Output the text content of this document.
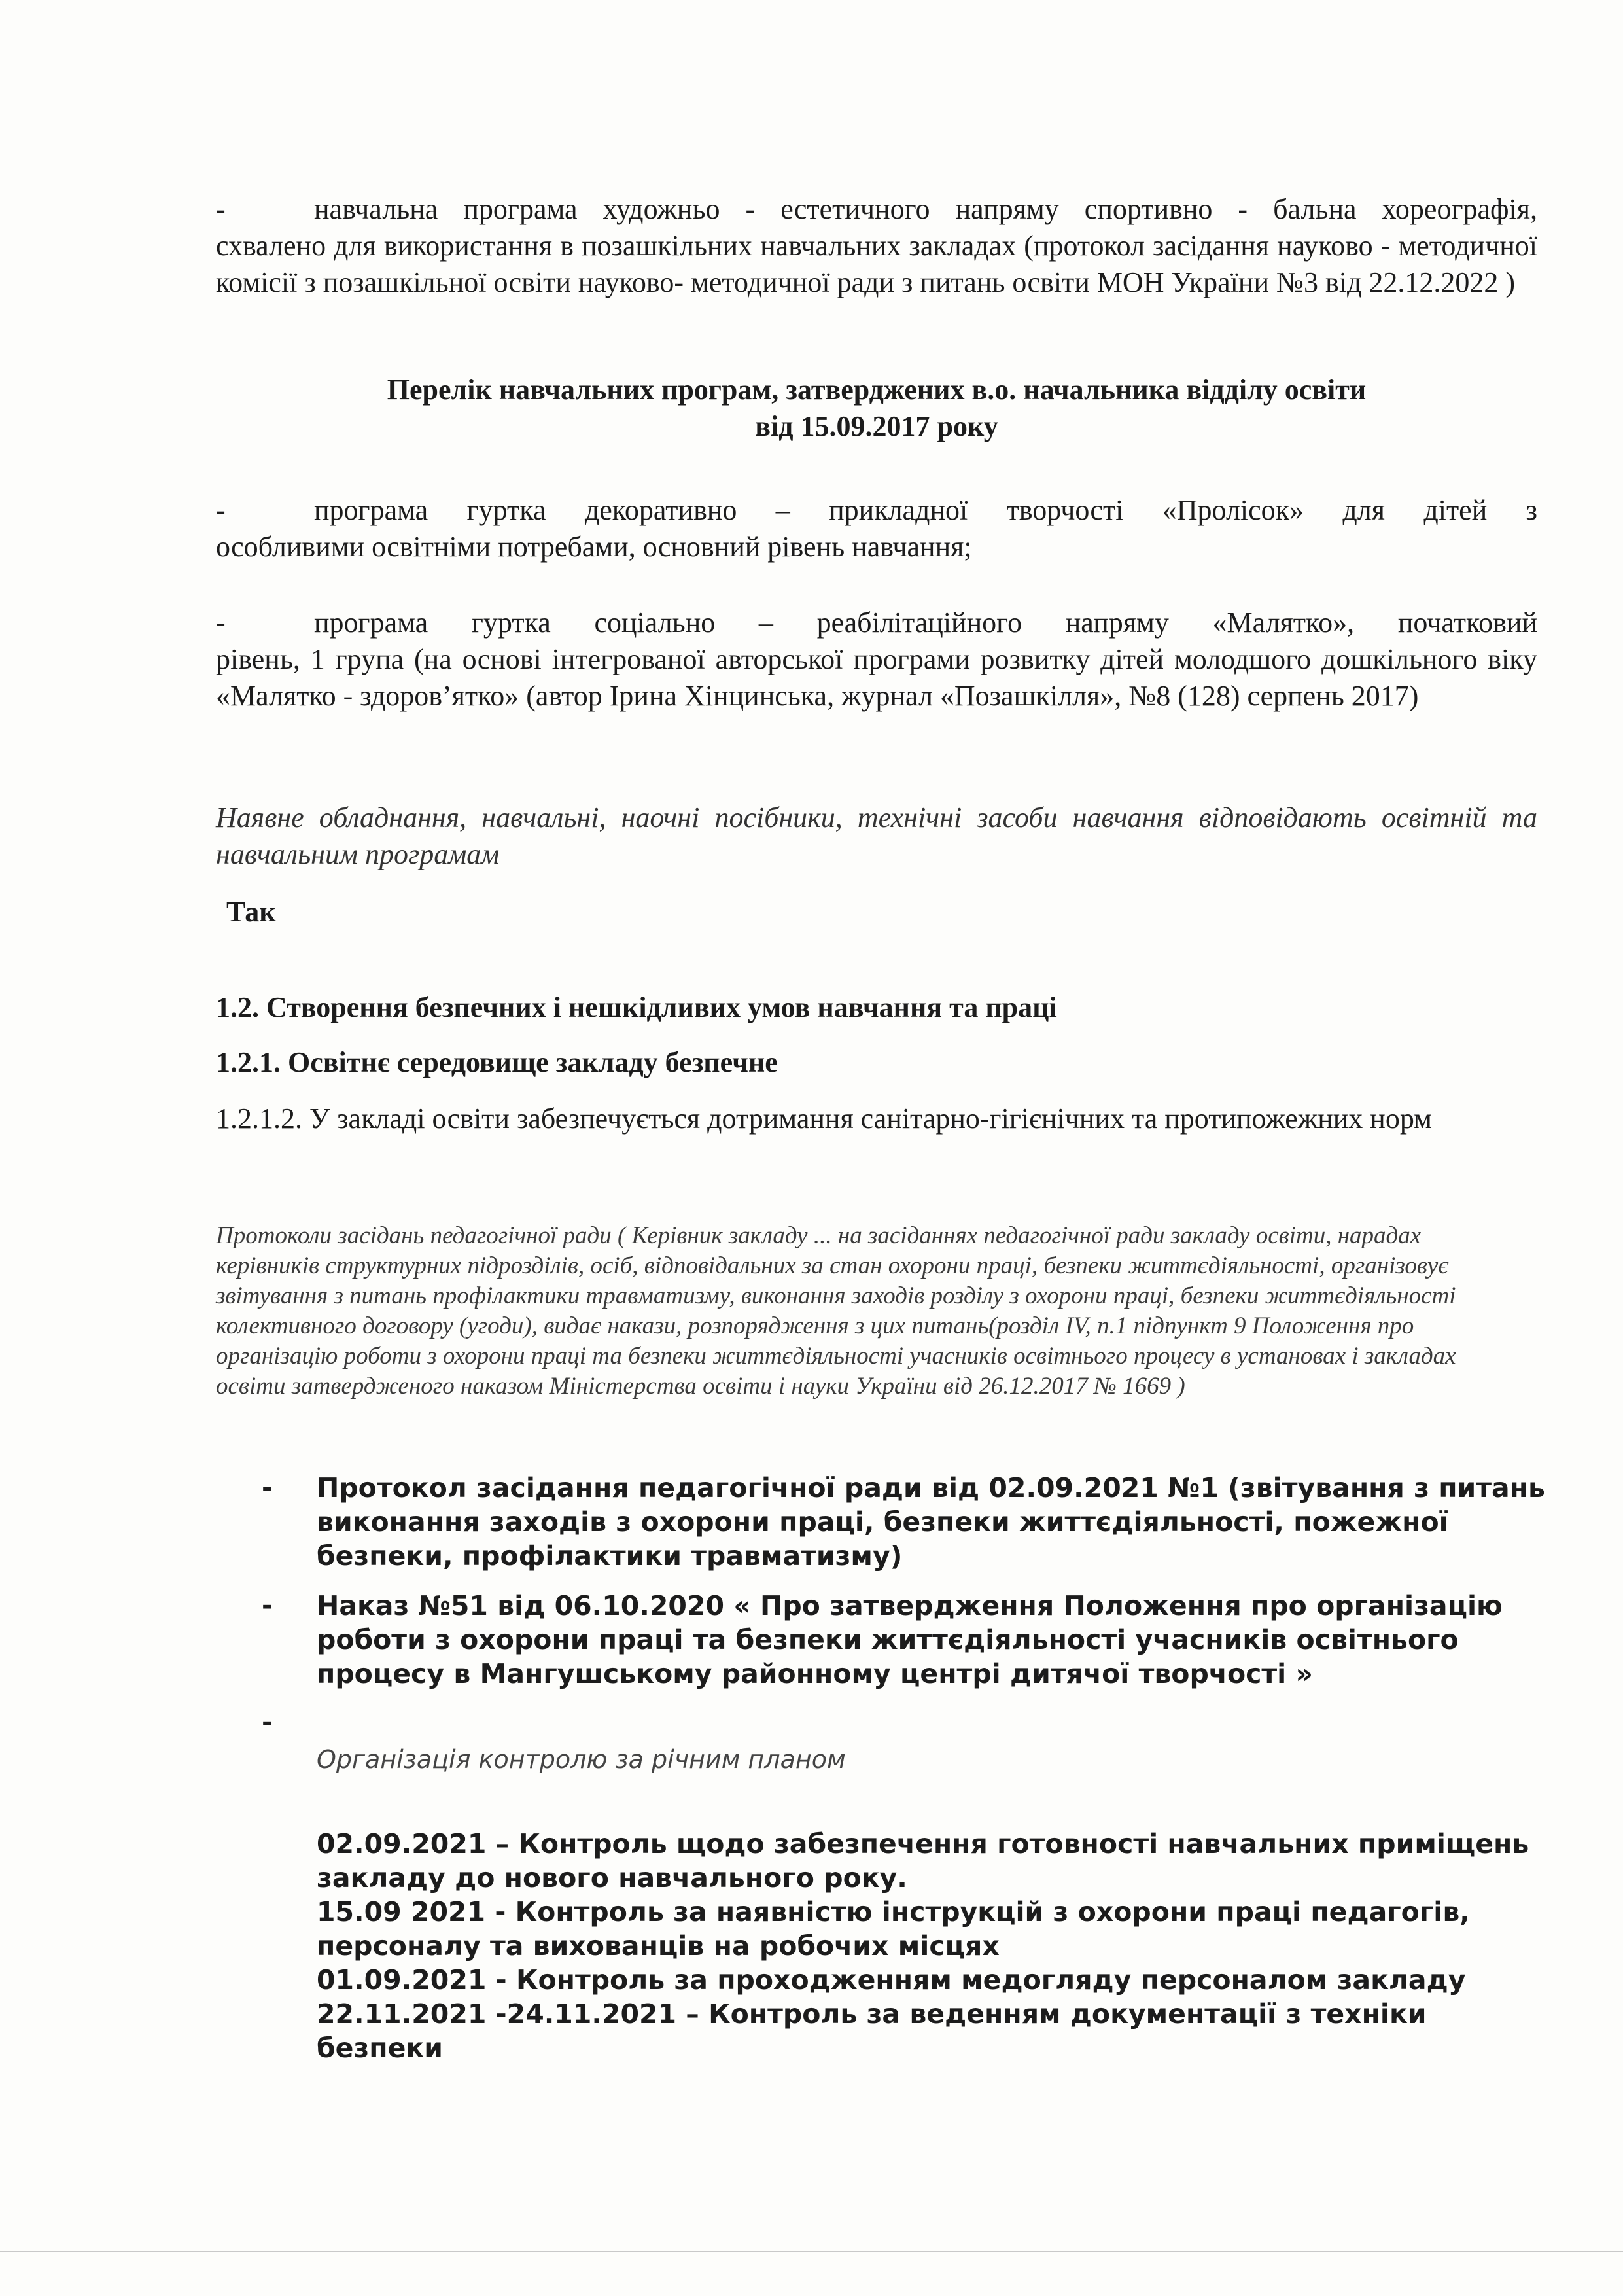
-	навчальна програма художньо - естетичного напряму спортивно - бальна хореографія,
схвалено для використання в позашкільних навчальних закладах (протокол засідання науково - методичної комісії з позашкільної освіти науково- методичної ради з питань освіти МОН України №3 від 22.12.2022 )
Перелік навчальних програм, затверджених в.о. начальника відділу освіти
від 15.09.2017 року
-	програма гуртка декоративно – прикладної творчості «Пролісок» для дітей з
особливими освітніми потребами, основний рівень навчання;
-	програма гуртка соціально – реабілітаційного напряму «Малятко», початковий
рівень, 1 група (на основі інтегрованої авторської програми розвитку дітей молодшого дошкільного віку «Малятко - здоров’ятко» (автор Ірина Хінцинська, журнал «Позашкілля», №8 (128) серпень 2017)
Наявне обладнання, навчальні, наочні посібники, технічні засоби навчання відповідають освітній та навчальним програмам
Так
1.2. Створення безпечних і нешкідливих умов навчання та праці
1.2.1. Освітнє середовище закладу безпечне
1.2.1.2. У закладі освіти забезпечується дотримання санітарно-гігієнічних та протипожежних норм
Протоколи засідань педагогічної ради ( Керівник закладу ... на засіданнях педагогічної ради закладу освіти, нарадах керівників структурних підрозділів, осіб, відповідальних за стан охорони праці, безпеки життєдіяльності, організовує звітування з питань профілактики травматизму, виконання заходів розділу з охорони праці, безпеки життєдіяльності колективного договору (угоди), видає накази, розпорядження з цих питань(розділ IV, п.1 підпункт 9 Положення про організацію роботи з охорони праці та безпеки життєдіяльності учасників освітнього процесу в установах і закладах освіти затвердженого наказом Міністерства освіти і науки України від 26.12.2017 № 1669 )
- Протокол засідання педагогічної ради від 02.09.2021 №1 (звітування з питань виконання заходів з охорони праці, безпеки життєдіяльності, пожежної безпеки, профілактики травматизму)
- Наказ №51 від 06.10.2020 « Про затвердження Положення про організацію роботи з охорони праці та безпеки життєдіяльності учасників освітнього процесу в Мангушському районному центрі дитячої творчості »
-
Організація контролю за річним планом
02.09.2021 – Контроль щодо забезпечення готовності навчальних приміщень закладу до нового навчального року.
15.09 2021 - Контроль за наявністю інструкцій з охорони праці педагогів, персоналу та вихованців на робочих місцях
01.09.2021 - Контроль за проходженням медогляду персоналом закладу
22.11.2021 -24.11.2021 – Контроль за веденням документації з техніки безпеки
